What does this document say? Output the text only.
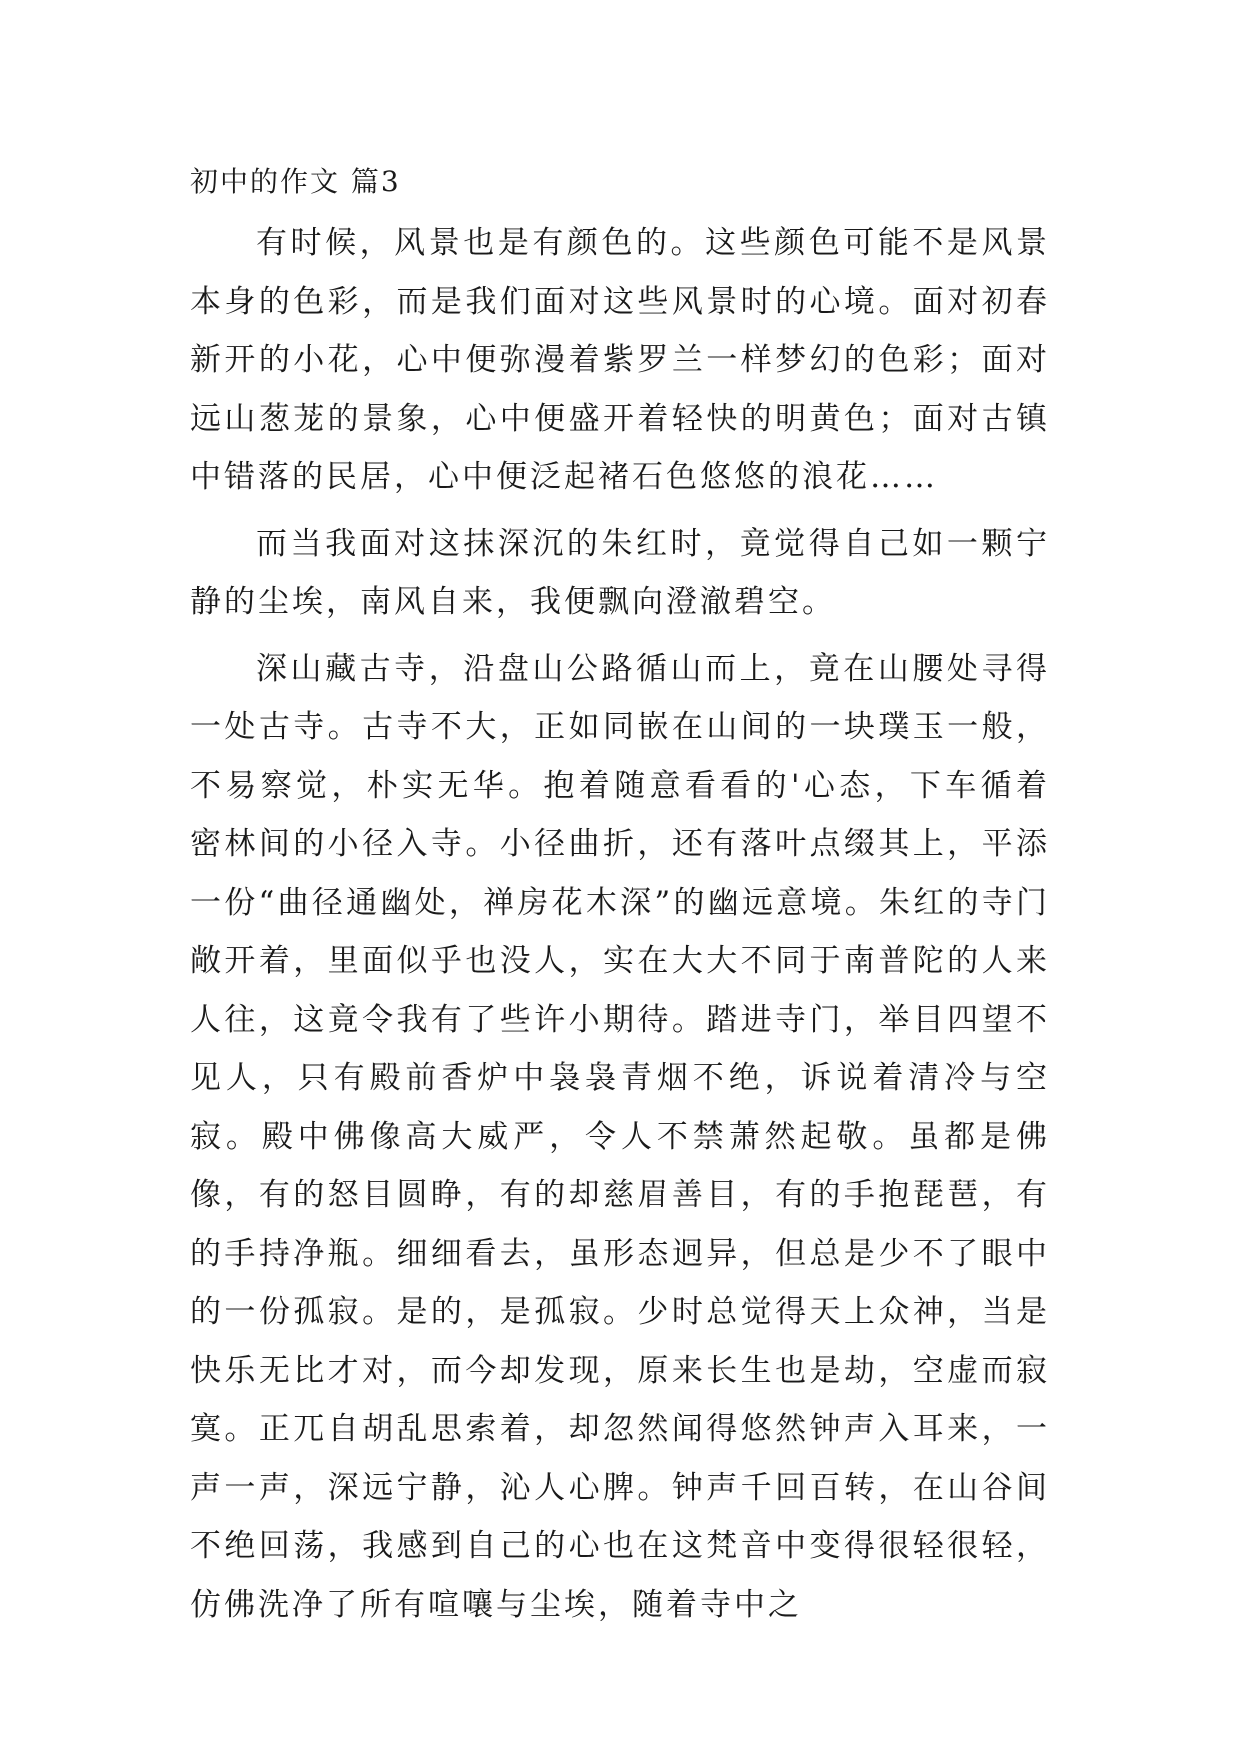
初中的作文 篇3

有时候，风景也是有颜色的。这些颜色可能不是风景本身的色彩，而是我们面对这些风景时的心境。面对初春新开的小花，心中便弥漫着紫罗兰一样梦幻的色彩；面对远山葱茏的景象，心中便盛开着轻快的明黄色；面对古镇中错落的民居，心中便泛起褚石色悠悠的浪花……

而当我面对这抹深沉的朱红时，竟觉得自己如一颗宁静的尘埃，南风自来，我便飘向澄澈碧空。

深山藏古寺，沿盘山公路循山而上，竟在山腰处寻得一处古寺。古寺不大，正如同嵌在山间的一块璞玉一般，不易察觉，朴实无华。抱着随意看看的'心态，下车循着密林间的小径入寺。小径曲折，还有落叶点缀其上，平添一份“曲径通幽处，禅房花木深”的幽远意境。朱红的寺门敞开着，里面似乎也没人，实在大大不同于南普陀的人来人往，这竟令我有了些许小期待。踏进寺门，举目四望不见人，只有殿前香炉中袅袅青烟不绝，诉说着清冷与空寂。殿中佛像高大威严，令人不禁萧然起敬。虽都是佛像，有的怒目圆睁，有的却慈眉善目，有的手抱琵琶，有的手持净瓶。细细看去，虽形态迥异，但总是少不了眼中的一份孤寂。是的，是孤寂。少时总觉得天上众神，当是快乐无比才对，而今却发现，原来长生也是劫，空虚而寂寞。正兀自胡乱思索着，却忽然闻得悠然钟声入耳来，一声一声，深远宁静，沁人心脾。钟声千回百转，在山谷间不绝回荡，我感到自己的心也在这梵音中变得很轻很轻，仿佛洗净了所有喧嚷与尘埃，随着寺中之
